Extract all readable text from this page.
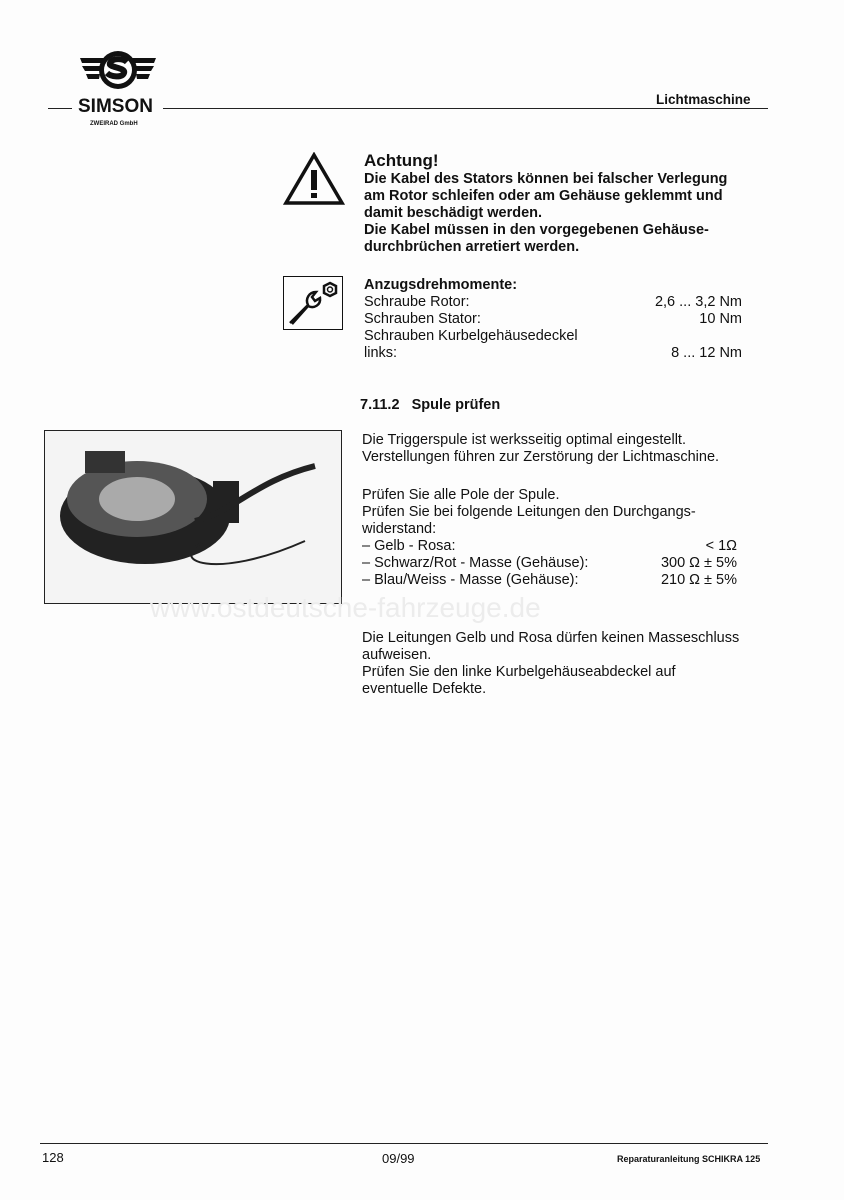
SIMSON
ZWEIRAD GmbH
Lichtmaschine
Achtung!
Die Kabel des Stators können bei falscher Verlegung
am Rotor schleifen oder am Gehäuse geklemmt und
damit beschädigt werden.
Die Kabel müssen in den vorgegebenen Gehäuse-
durchbrüchen arretiert werden.
Anzugsdrehmomente:
Schraube Rotor:	2,6 ... 3,2 Nm
Schrauben Stator:	10 Nm
Schrauben Kurbelgehäusedeckel
links:	8 ... 12 Nm
7.11.2 Spule prüfen
Die Triggerspule ist werksseitig optimal eingestellt.
Verstellungen führen zur Zerstörung der Lichtmaschine.
Prüfen Sie alle Pole der Spule.
Prüfen Sie bei folgende Leitungen den Durchgangs-
widerstand:
– Gelb - Rosa:	< 1Ω
– Schwarz/Rot - Masse (Gehäuse):	300 Ω ± 5%
– Blau/Weiss - Masse (Gehäuse):	210 Ω ± 5%
www.ostdeutsche-fahrzeuge.de
Die Leitungen Gelb und Rosa dürfen keinen Masseschluss
aufweisen.
Prüfen Sie den linke Kurbelgehäuseabdeckel auf
eventuelle Defekte.
128	09/99	Reparaturanleitung SCHIKRA 125
